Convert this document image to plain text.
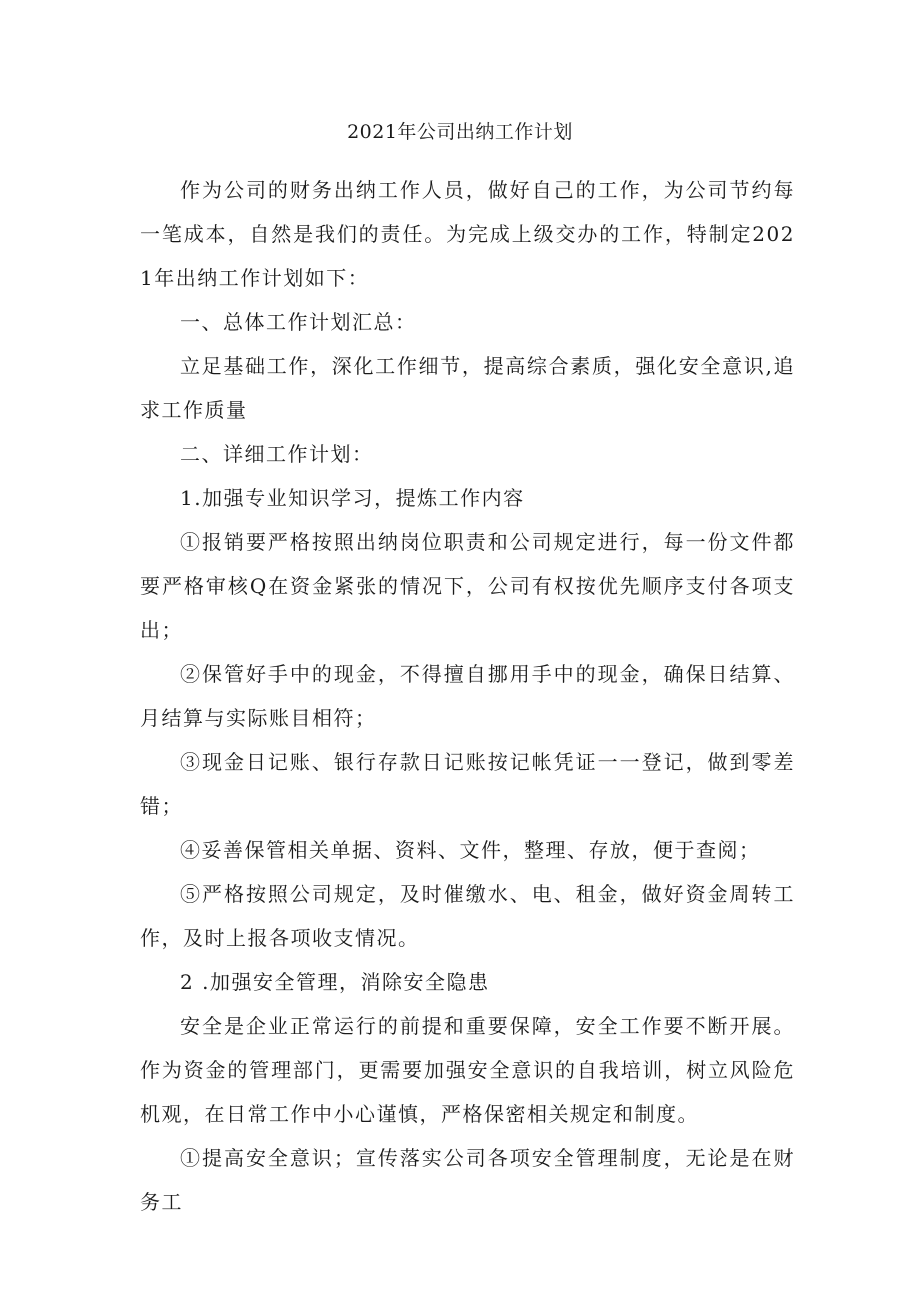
2021年公司出纳工作计划

作为公司的财务出纳工作人员，做好自己的工作，为公司节约每一笔成本，自然是我们的责任。为完成上级交办的工作，特制定2021年出纳工作计划如下：

一、总体工作计划汇总：

立足基础工作，深化工作细节，提高综合素质，强化安全意识,追求工作质量

二、详细工作计划：

1.加强专业知识学习，提炼工作内容

①报销要严格按照出纳岗位职责和公司规定进行，每一份文件都要严格审核Q在资金紧张的情况下，公司有权按优先顺序支付各项支出；

②保管好手中的现金，不得擅自挪用手中的现金，确保日结算、月结算与实际账目相符；

③现金日记账、银行存款日记账按记帐凭证一一登记，做到零差错；

④妥善保管相关单据、资料、文件，整理、存放，便于查阅；

⑤严格按照公司规定，及时催缴水、电、租金，做好资金周转工作，及时上报各项收支情况。

2 .加强安全管理，消除安全隐患

安全是企业正常运行的前提和重要保障，安全工作要不断开展。作为资金的管理部门，更需要加强安全意识的自我培训，树立风险危机观，在日常工作中小心谨慎，严格保密相关规定和制度。

①提高安全意识；宣传落实公司各项安全管理制度，无论是在财务工
